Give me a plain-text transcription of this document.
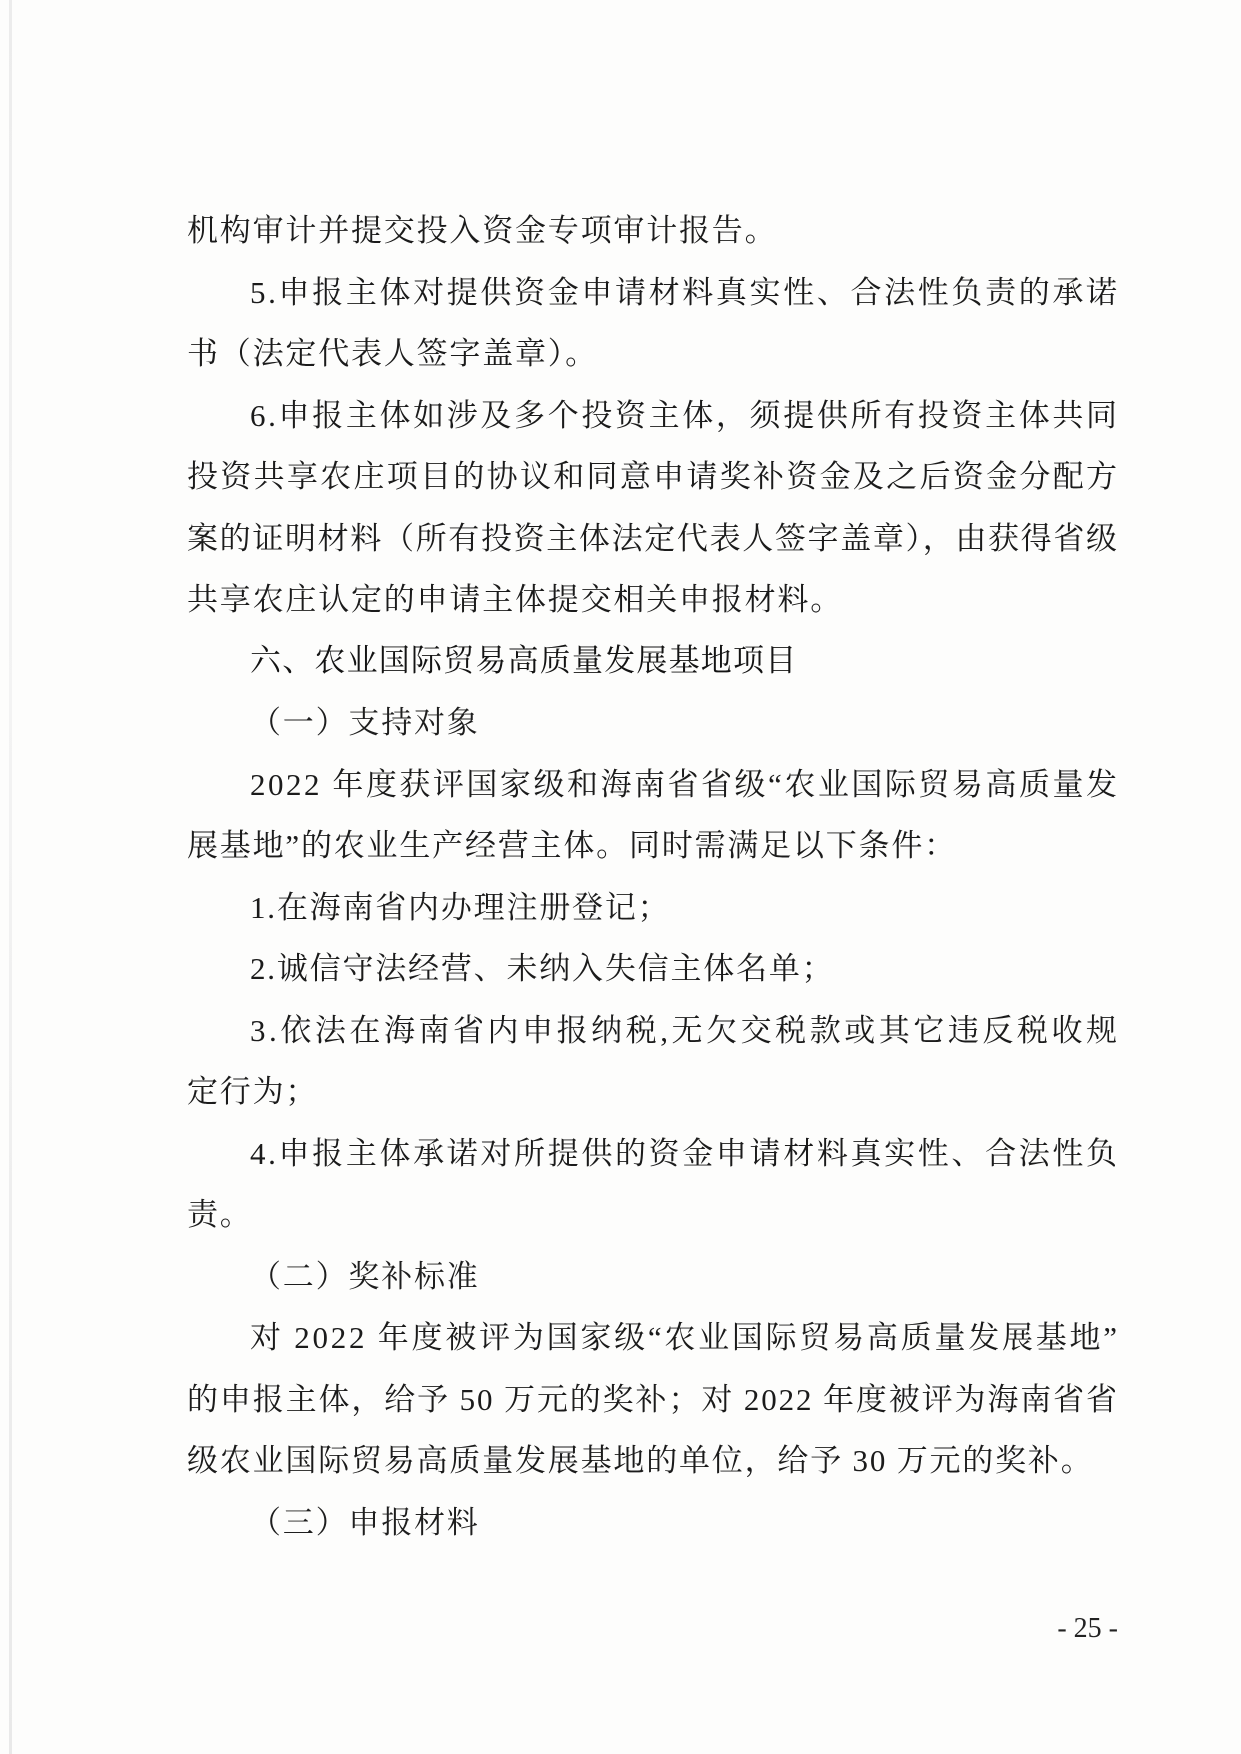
机构审计并提交投入资金专项审计报告。
5.申报主体对提供资金申请材料真实性、合法性负责的承诺
书（法定代表人签字盖章）。
6.申报主体如涉及多个投资主体，须提供所有投资主体共同
投资共享农庄项目的协议和同意申请奖补资金及之后资金分配方
案的证明材料（所有投资主体法定代表人签字盖章），由获得省级
共享农庄认定的申请主体提交相关申报材料。
六、农业国际贸易高质量发展基地项目
（一）支持对象
2022 年度获评国家级和海南省省级“农业国际贸易高质量发
展基地”的农业生产经营主体。同时需满足以下条件：
1.在海南省内办理注册登记；
2.诚信守法经营、未纳入失信主体名单；
3.依法在海南省内申报纳税,无欠交税款或其它违反税收规
定行为；
4.申报主体承诺对所提供的资金申请材料真实性、合法性负
责。
（二）奖补标准
对 2022 年度被评为国家级“农业国际贸易高质量发展基地”
的申报主体，给予 50 万元的奖补；对 2022 年度被评为海南省省
级农业国际贸易高质量发展基地的单位，给予 30 万元的奖补。
（三）申报材料
- 25 -
